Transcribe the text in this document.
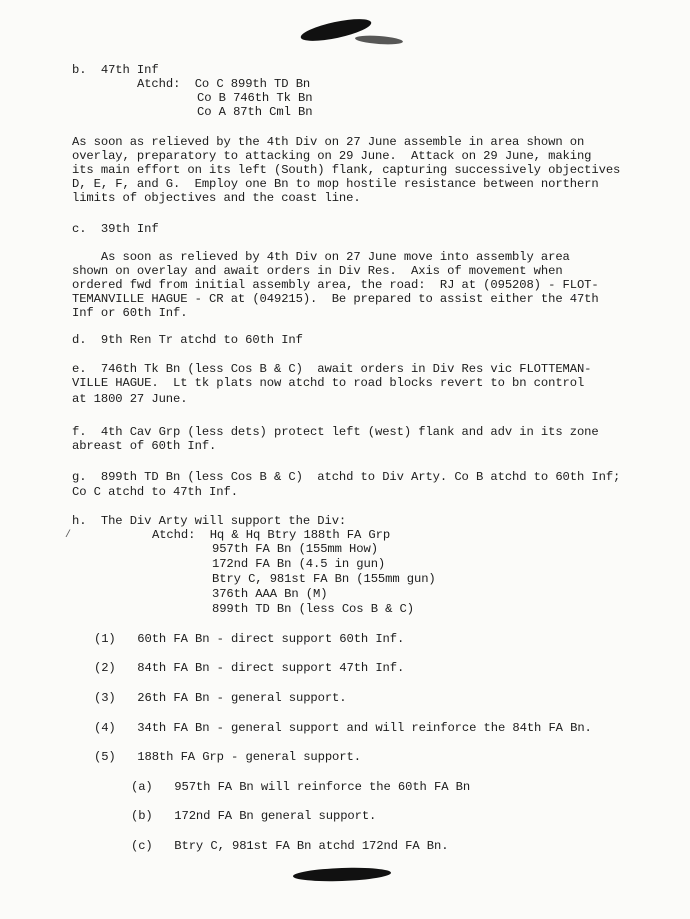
b.  47th Inf
Atchd:  Co C 899th TD Bn
Co B 746th Tk Bn
Co A 87th Cml Bn
As soon as relieved by the 4th Div on 27 June assemble in area shown on
overlay, preparatory to attacking on 29 June.  Attack on 29 June, making
its main effort on its left (South) flank, capturing successively objectives
D, E, F, and G.  Employ one Bn to mop hostile resistance between northern
limits of objectives and the coast line.
c.  39th Inf
As soon as relieved by 4th Div on 27 June move into assembly area
shown on overlay and await orders in Div Res.  Axis of movement when
ordered fwd from initial assembly area, the road:  RJ at (095208) - FLOT-
TEMANVILLE HAGUE - CR at (049215).  Be prepared to assist either the 47th
Inf or 60th Inf.
d.  9th Ren Tr atchd to 60th Inf
e.  746th Tk Bn (less Cos B & C)  await orders in Div Res vic FLOTTEMAN-
VILLE HAGUE.  Lt tk plats now atchd to road blocks revert to bn control
at 1800 27 June.
f.  4th Cav Grp (less dets) protect left (west) flank and adv in its zone
abreast of 60th Inf.
g.  899th TD Bn (less Cos B & C)  atchd to Div Arty. Co B atchd to 60th Inf;
Co C atchd to 47th Inf.
h.  The Div Arty will support the Div:
/	Atchd:  Hq & Hq Btry 188th FA Grp
957th FA Bn (155mm How)
172nd FA Bn (4.5 in gun)
Btry C, 981st FA Bn (155mm gun)
376th AAA Bn (M)
899th TD Bn (less Cos B & C)
(1)   60th FA Bn - direct support 60th Inf.
(2)   84th FA Bn - direct support 47th Inf.
(3)   26th FA Bn - general support.
(4)   34th FA Bn - general support and will reinforce the 84th FA Bn.
(5)   188th FA Grp - general support.
(a)   957th FA Bn will reinforce the 60th FA Bn
(b)   172nd FA Bn general support.
(c)   Btry C, 981st FA Bn atchd 172nd FA Bn.
